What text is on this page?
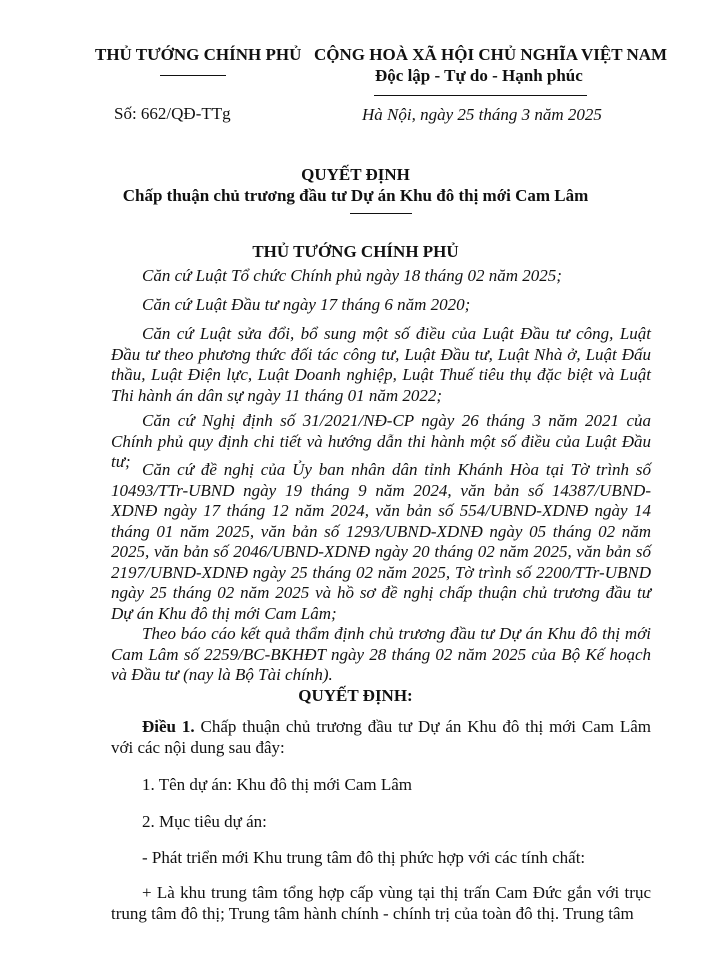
THỦ TƯỚNG CHÍNH PHỦ
Số: 662/QĐ-TTg
CỘNG HOÀ XÃ HỘI CHỦ NGHĨA VIỆT NAM
Độc lập - Tự do - Hạnh phúc
Hà Nội, ngày 25 tháng 3 năm 2025
QUYẾT ĐỊNH
Chấp thuận chủ trương đầu tư Dự án Khu đô thị mới Cam Lâm
THỦ TƯỚNG CHÍNH PHỦ

Căn cứ Luật Tổ chức Chính phủ ngày 18 tháng 02 năm 2025;

Căn cứ Luật Đầu tư ngày 17 tháng 6 năm 2020;

Căn cứ Luật sửa đổi, bổ sung một số điều của Luật Đầu tư công, Luật Đầu tư theo phương thức đối tác công tư, Luật Đầu tư, Luật Nhà ở, Luật Đấu thầu, Luật Điện lực, Luật Doanh nghiệp, Luật Thuế tiêu thụ đặc biệt và Luật Thi hành án dân sự ngày 11 tháng 01 năm 2022;

Căn cứ Nghị định số 31/2021/NĐ-CP ngày 26 tháng 3 năm 2021 của Chính phủ quy định chi tiết và hướng dẫn thi hành một số điều của Luật Đầu tư; Căn cứ đề nghị của Ủy ban nhân dân tỉnh Khánh Hòa tại Tờ trình số 10493/TTr-UBND ngày 19 tháng 9 năm 2024, văn bản số 14387/UBND-XDNĐ ngày 17 tháng 12 năm 2024, văn bản số 554/UBND-XDNĐ ngày 14 tháng 01 năm 2025, văn bản số 1293/UBND-XDNĐ ngày 05 tháng 02 năm 2025, văn bản số 2046/UBND-XDNĐ ngày 20 tháng 02 năm 2025, văn bản số 2197/UBND-XDNĐ ngày 25 tháng 02 năm 2025, Tờ trình số 2200/TTr-UBND ngày 25 tháng 02 năm 2025 và hồ sơ đề nghị chấp thuận chủ trương đầu tư Dự án Khu đô thị mới Cam Lâm;

Theo báo cáo kết quả thẩm định chủ trương đầu tư Dự án Khu đô thị mới Cam Lâm số 2259/BC-BKHĐT ngày 28 tháng 02 năm 2025 của Bộ Kế hoạch và Đầu tư (nay là Bộ Tài chính).

QUYẾT ĐỊNH:

Điều 1. Chấp thuận chủ trương đầu tư Dự án Khu đô thị mới Cam Lâm với các nội dung sau đây:

1. Tên dự án: Khu đô thị mới Cam Lâm
2. Mục tiêu dự án:
- Phát triển mới Khu trung tâm đô thị phức hợp với các tính chất:

+ Là khu trung tâm tổng hợp cấp vùng tại thị trấn Cam Đức gắn với trục trung tâm đô thị; Trung tâm hành chính - chính trị của toàn đô thị. Trung tâm
